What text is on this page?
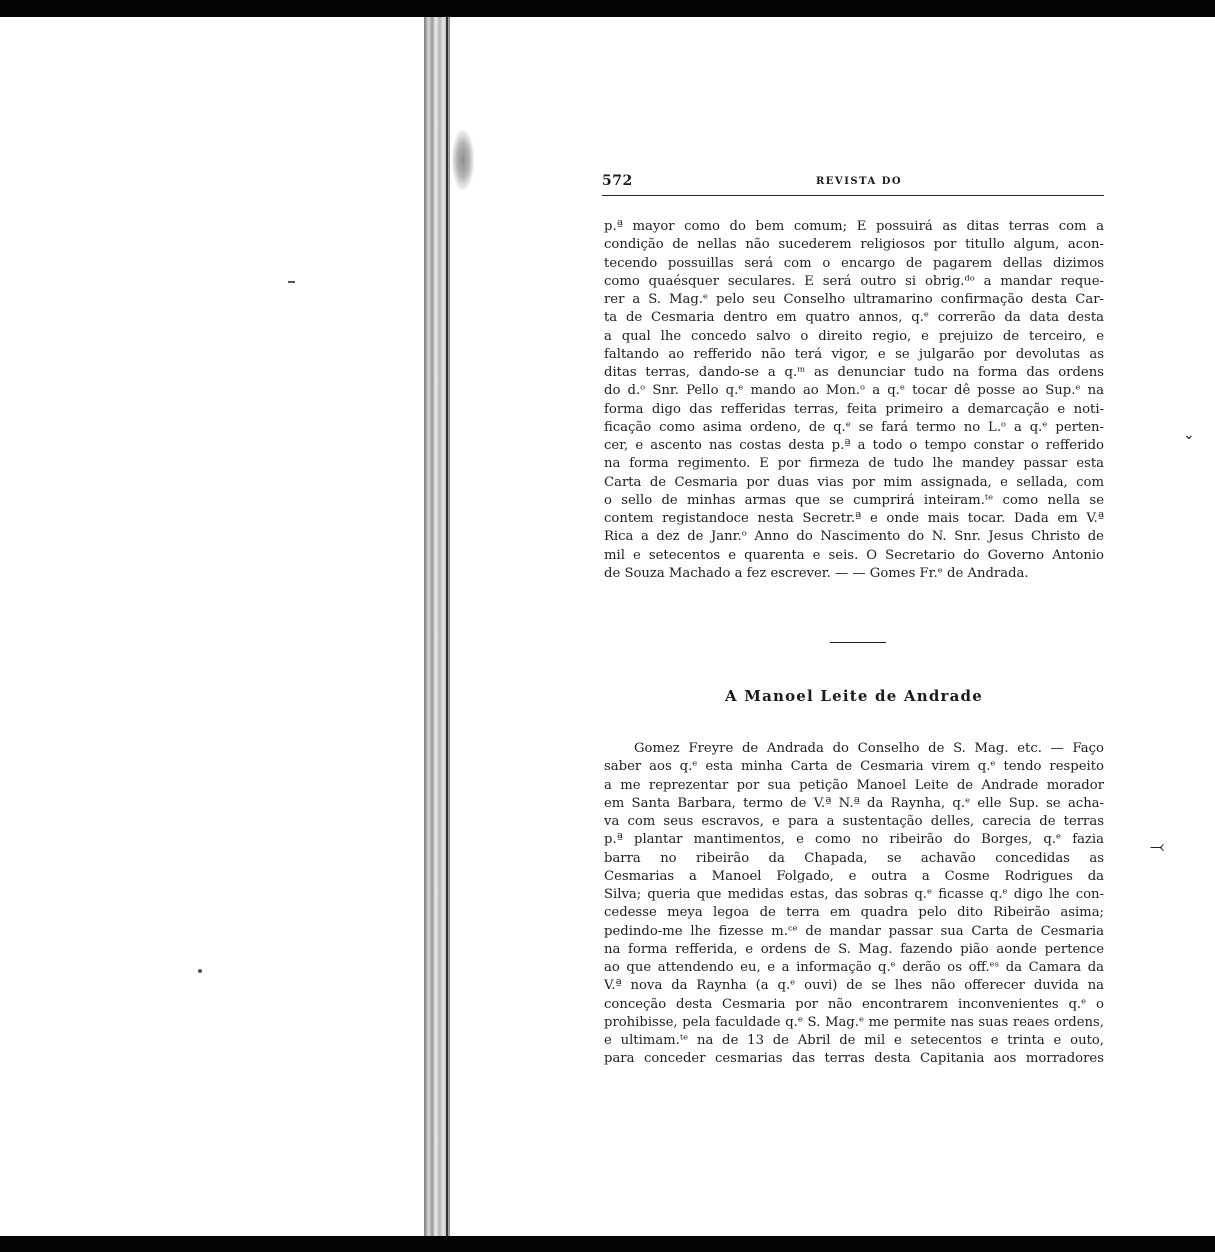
⌄
⤙
572	REVISTA DO
p.ª mayor como do bem comum; E possuirá as ditas terras com a
condição de nellas não sucederem religiosos por titullo algum, acon-
tecendo possuillas será com o encargo de pagarem dellas dizimos
como quaésquer seculares. E será outro si obrig.ᵈᵒ a mandar reque-
rer a S. Mag.ᵉ pelo seu Conselho ultramarino confirmação desta Car-
ta de Cesmaria dentro em quatro annos, q.ᵉ correrão da data desta
a qual lhe concedo salvo o direito regio, e prejuizo de terceiro, e
faltando ao refferido não terá vigor, e se julgarão por devolutas as
ditas terras, dando-se a q.ᵐ as denunciar tudo na forma das ordens
do d.ᵒ Snr. Pello q.ᵉ mando ao Mon.ᵒ a q.ᵉ tocar dê posse ao Sup.ᵉ na
forma digo das refferidas terras, feita primeiro a demarcação e noti-
ficação como asima ordeno, de q.ᵉ se fará termo no L.ᵒ a q.ᵉ perten-
cer, e ascento nas costas desta p.ª a todo o tempo constar o refferido
na forma regimento. E por firmeza de tudo lhe mandey passar esta
Carta de Cesmaria por duas vias por mim assignada, e sellada, com
o sello de minhas armas que se cumprirá inteiram.ᵗᵉ como nella se
contem registandoce nesta Secretr.ª e onde mais tocar. Dada em V.ª
Rica a dez de Janr.ᵒ Anno do Nascimento do N. Snr. Jesus Christo de
mil e setecentos e quarenta e seis. O Secretario do Governo Antonio
de Souza Machado a fez escrever. — — Gomes Fr.ᵉ de Andrada.
A Manoel Leite de Andrade
Gomez Freyre de Andrada do Conselho de S. Mag. etc. — Faço
saber aos q.ᵉ esta minha Carta de Cesmaria virem q.ᵉ tendo respeito
a me reprezentar por sua petição Manoel Leite de Andrade morador
em Santa Barbara, termo de V.ª N.ª da Raynha, q.ᵉ elle Sup. se acha-
va com seus escravos, e para a sustentação delles, carecia de terras
p.ª plantar mantimentos, e como no ribeirão do Borges, q.ᵉ fazia
barra no ribeirão da Chapada, se achavão concedidas as
Cesmarias a Manoel Folgado, e outra a Cosme Rodrigues da
Silva; queria que medidas estas, das sobras q.ᵉ ficasse q.ᵉ digo lhe con-
cedesse meya legoa de terra em quadra pelo dito Ribeirão asima;
pedindo-me lhe fizesse m.ᶜᵉ de mandar passar sua Carta de Cesmaria
na forma refferida, e ordens de S. Mag. fazendo pião aonde pertence
ao que attendendo eu, e a informação q.ᵉ derão os off.ᵉˢ da Camara da
V.ª nova da Raynha (a q.ᵉ ouvi) de se lhes não offerecer duvida na
conceção desta Cesmaria por não encontrarem inconvenientes q.ᵉ o
prohibisse, pela faculdade q.ᵉ S. Mag.ᵉ me permite nas suas reaes ordens,
e ultimam.ᵗᵉ na de 13 de Abril de mil e setecentos e trinta e outo,
para conceder cesmarias das terras desta Capitania aos morradores
